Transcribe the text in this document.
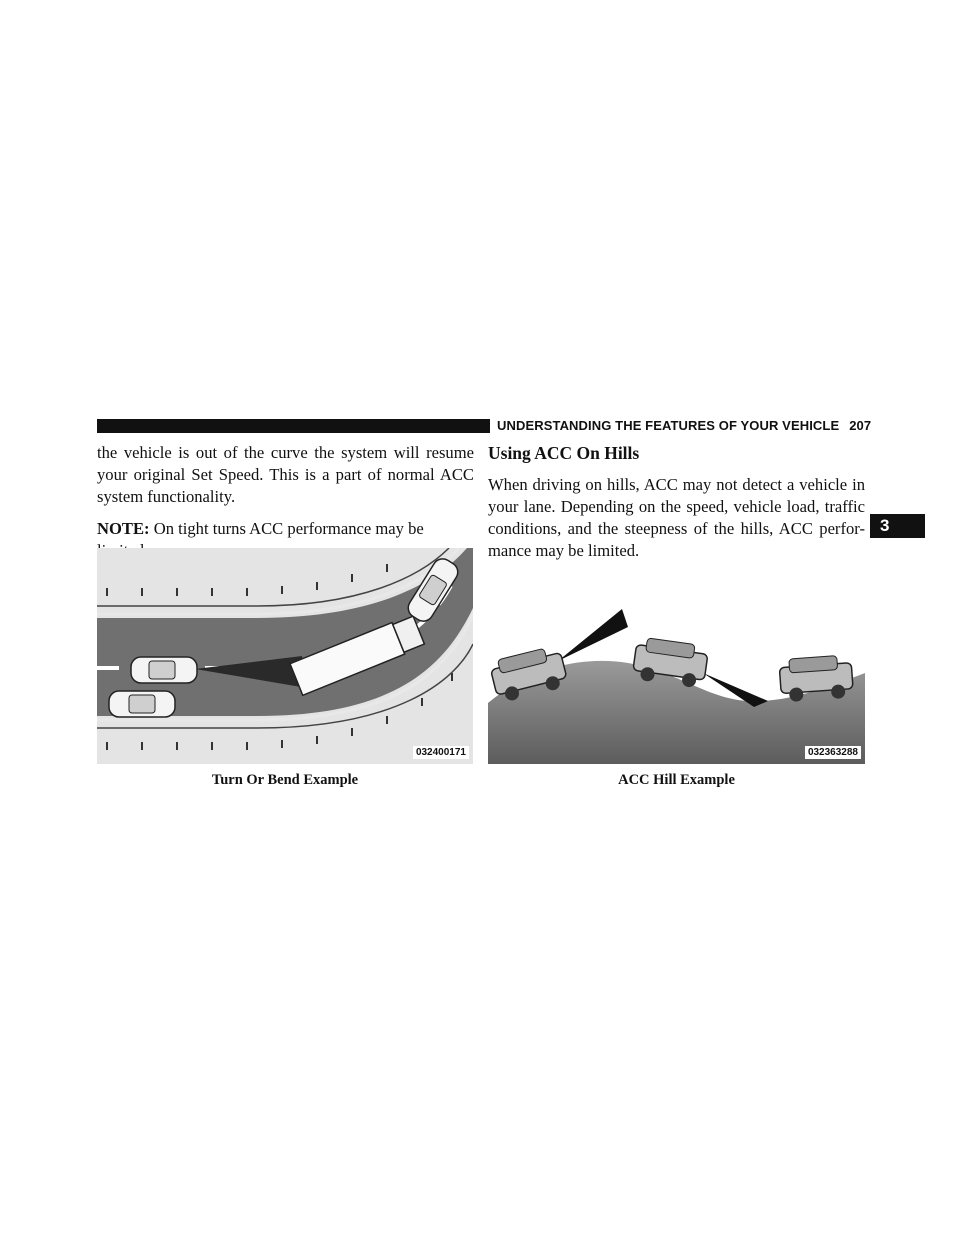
UNDERSTANDING THE FEATURES OF YOUR VEHICLE 207
3

the vehicle is out of the curve the system will resume your original Set Speed. This is a part of normal ACC system functionality.

NOTE: On tight turns ACC performance may be

Using ACC On Hills

When driving on hills, ACC may not detect a vehicle in your lane. Depending on the speed, vehicle load, traffic conditions, and the steepness of the hills, ACC perfor- mance may be limited.

032400171	032363288
Turn Or Bend Example	ACC Hill Example
